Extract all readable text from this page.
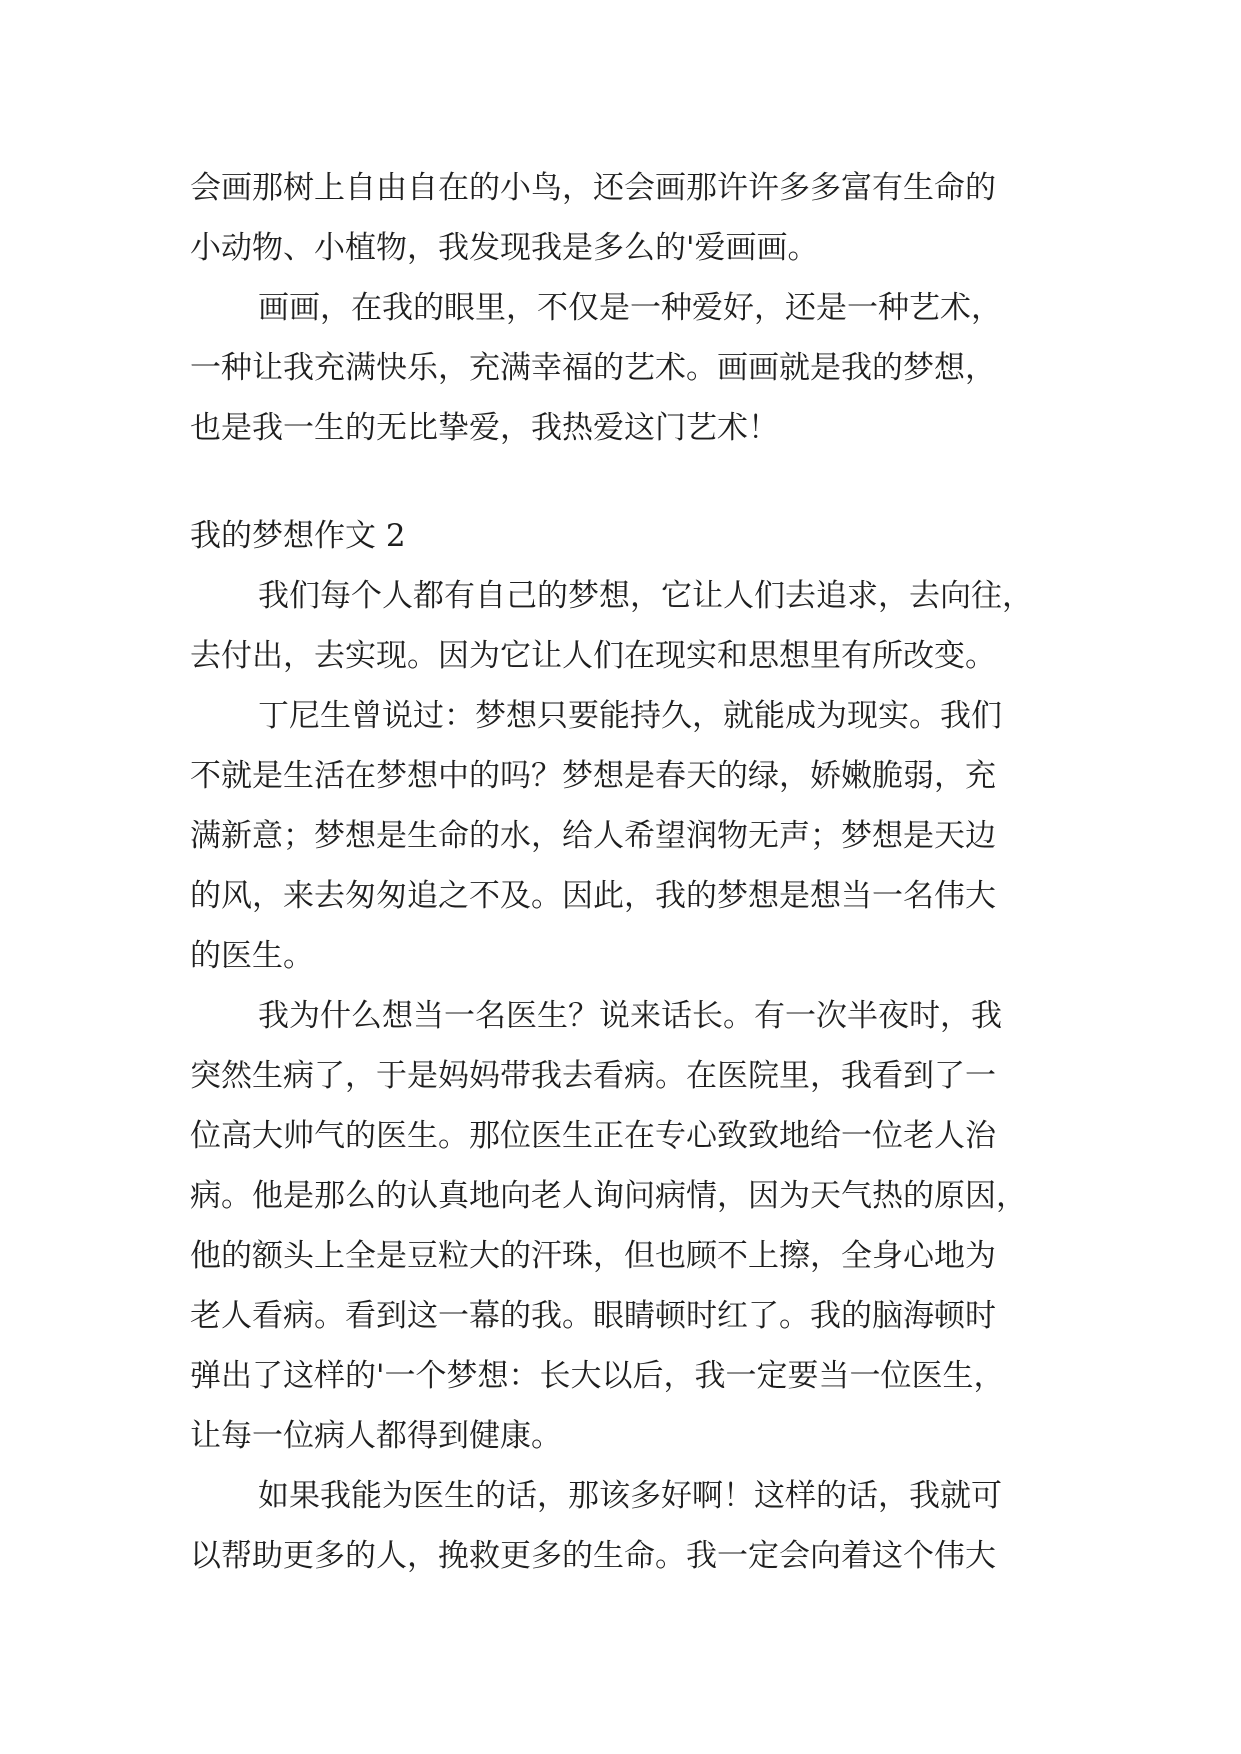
会画那树上自由自在的小鸟，还会画那许许多多富有生命的
小动物、小植物，我发现我是多么的'爱画画。
画画，在我的眼里，不仅是一种爱好，还是一种艺术，
一种让我充满快乐，充满幸福的艺术。画画就是我的梦想，
也是我一生的无比挚爱，我热爱这门艺术！
我的梦想作文 2
我们每个人都有自己的梦想，它让人们去追求，去向往，
去付出，去实现。因为它让人们在现实和思想里有所改变。
丁尼生曾说过：梦想只要能持久，就能成为现实。我们
不就是生活在梦想中的吗？梦想是春天的绿，娇嫩脆弱，充
满新意；梦想是生命的水，给人希望润物无声；梦想是天边
的风，来去匆匆追之不及。因此，我的梦想是想当一名伟大
的医生。
我为什么想当一名医生？说来话长。有一次半夜时，我
突然生病了，于是妈妈带我去看病。在医院里，我看到了一
位高大帅气的医生。那位医生正在专心致致地给一位老人治
病。他是那么的认真地向老人询问病情，因为天气热的原因，
他的额头上全是豆粒大的汗珠，但也顾不上擦，全身心地为
老人看病。看到这一幕的我。眼睛顿时红了。我的脑海顿时
弹出了这样的'一个梦想：长大以后，我一定要当一位医生，
让每一位病人都得到健康。
如果我能为医生的话，那该多好啊！这样的话，我就可
以帮助更多的人，挽救更多的生命。我一定会向着这个伟大
